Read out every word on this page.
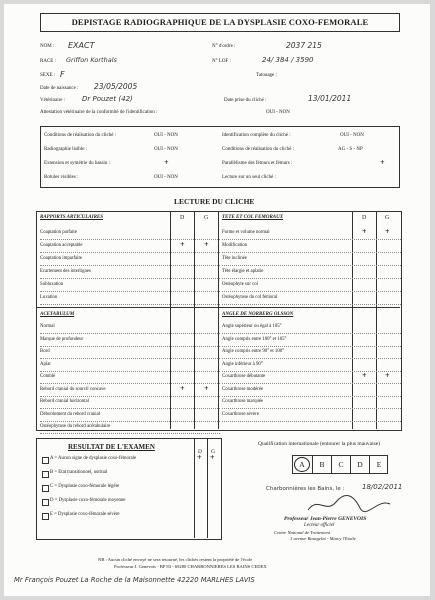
DEPISTAGE RADIOGRAPHIQUE DE LA DYSPLASIE COXO-FEMORALE
NOM : EXACT	N° d'ordre :	2037 215
RACE : Griffon Korthals	N° LOF :	24/ 384 / 3590
SEXE : F	Tatouage :
Date de naissance : 23/05/2005
Vétérinaire : Dr Pouzet (42)	Date prise du cliché :	13/01/2011
Attestation vétérinaire de la conformité de l'identification :	OUI - NON
Conditions de réalisation du cliché :	OUI - NON
Radiographie lisible :	OUI - NON
Extension et symétrie du bassin :	+
Rotules visibles :	OUI - NON
Identification complète du cliché :	OUI - NON
Conditions de réalisation du cliché :	AG - S - NP
Parallèlisme des fémurs et fémurs :	+
Lecture sur un seul cliché :
LECTURE DU CLICHE
D	G	D	G
RAPPORTS ARTICULAIRES
Coaptation parfaite
Coaptation acceptable	+ +
Coaptation imparfaite
Ecartement des interlignes
Subluxation
Luxation
TETE ET COL FEMORAUX
Forme et volume normal	+ +
Modification
Tête inclinée
Tête élargie et aplatie
Ostéophyte sur col
Ostéophytose du col fémoral
ACETABULUM
Normal
Marque de profondeur
Bord
Aplat
Comblé
Rebord cranial du sourcil concave	+ +
Rebord cranial horizontal
Débordement du rebord cranial
Ostéophytose du rebord acétabulaire
ANGLE DE NORBERG OLSSON
Angle supérieur ou égal à 105°
Angle compris entre 100° et 105°
Angle compris entre 90° et 100°
Angle inférieur à 90°
Coxarthrose débutante	+ +
Coxarthrose modérée
Coxarthrose marquée
Coxarthrose sévère
RESULTAT DE L'EXAMEN
D G
A = Aucun signe de dysplasie coxo-fémorale	+ +
B = Etat transitionnel, normal
C = Dysplasie coxo-fémorale légère
D = Dysplasie coxo-fémorale moyenne
E = Dysplasie coxo-fémorale sévère
Qualification internationale (entourer la plus mauvaise)
A	B	C	D	E
Charbonnières les Bains, le :	18/02/2011
Professeur Jean-Pierre GENEVOIS
Lecteur officiel
Centre National de Traitement
1 avenue Bourgelat - Marcy l'Etoile
NB : Aucun cliché envoyé ne sera retourné, les clichés restent la propriété de l'école
Professeur J. Genevois - BP 83 - 69280 CHARBONNIERES LES BAINS CEDEX
Mr François Pouzet La Roche de la Maisonnette 42220 MARLHES LAVIS
